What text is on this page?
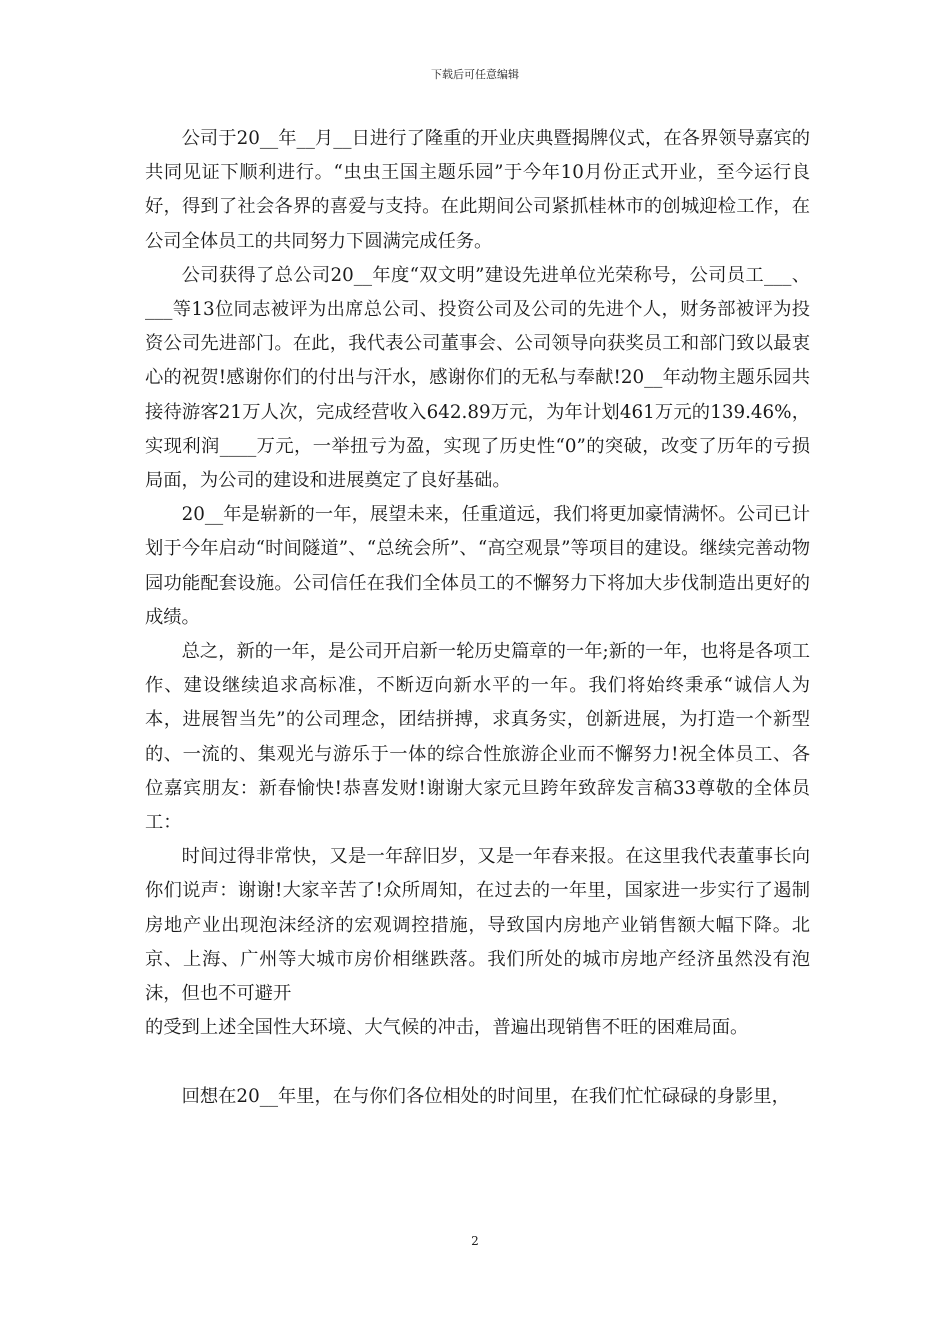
下载后可任意编辑

公司于20__年__月__日进行了隆重的开业庆典暨揭牌仪式，在各界领导嘉宾的共同见证下顺利进行。“虫虫王国主题乐园”于今年10月份正式开业，至今运行良好，得到了社会各界的喜爱与支持。在此期间公司紧抓桂林市的创城迎检工作，在公司全体员工的共同努力下圆满完成任务。

公司获得了总公司20__年度“双文明”建设先进单位光荣称号，公司员工___、___等13位同志被评为出席总公司、投资公司及公司的先进个人，财务部被评为投资公司先进部门。在此，我代表公司董事会、公司领导向获奖员工和部门致以最衷心的祝贺!感谢你们的付出与汗水，感谢你们的无私与奉献!20__年动物主题乐园共接待游客21万人次，完成经营收入642.89万元，为年计划461万元的139.46%，实现利润____万元，一举扭亏为盈，实现了历史性“0”的突破，改变了历年的亏损局面，为公司的建设和进展奠定了良好基础。

20__年是崭新的一年，展望未来，任重道远，我们将更加豪情满怀。公司已计划于今年启动“时间隧道”、“总统会所”、“高空观景”等项目的建设。继续完善动物园功能配套设施。公司信任在我们全体员工的不懈努力下将加大步伐制造出更好的成绩。

总之，新的一年，是公司开启新一轮历史篇章的一年;新的一年，也将是各项工作、建设继续追求高标准，不断迈向新水平的一年。我们将始终秉承“诚信人为本，进展智当先”的公司理念，团结拼搏，求真务实，创新进展，为打造一个新型的、一流的、集观光与游乐于一体的综合性旅游企业而不懈努力!祝全体员工、各位嘉宾朋友：新春愉快!恭喜发财!谢谢大家元旦跨年致辞发言稿33尊敬的全体员工：

时间过得非常快，又是一年辞旧岁，又是一年春来报。在这里我代表董事长向你们说声：谢谢!大家辛苦了!众所周知，在过去的一年里，国家进一步实行了遏制房地产业出现泡沫经济的宏观调控措施，导致国内房地产业销售额大幅下降。北京、上海、广州等大城市房价相继跌落。我们所处的城市房地产经济虽然没有泡沫，但也不可避开

的受到上述全国性大环境、大气候的冲击，普遍出现销售不旺的困难局面。

回想在20__年里，在与你们各位相处的时间里，在我们忙忙碌碌的身影里，

2
